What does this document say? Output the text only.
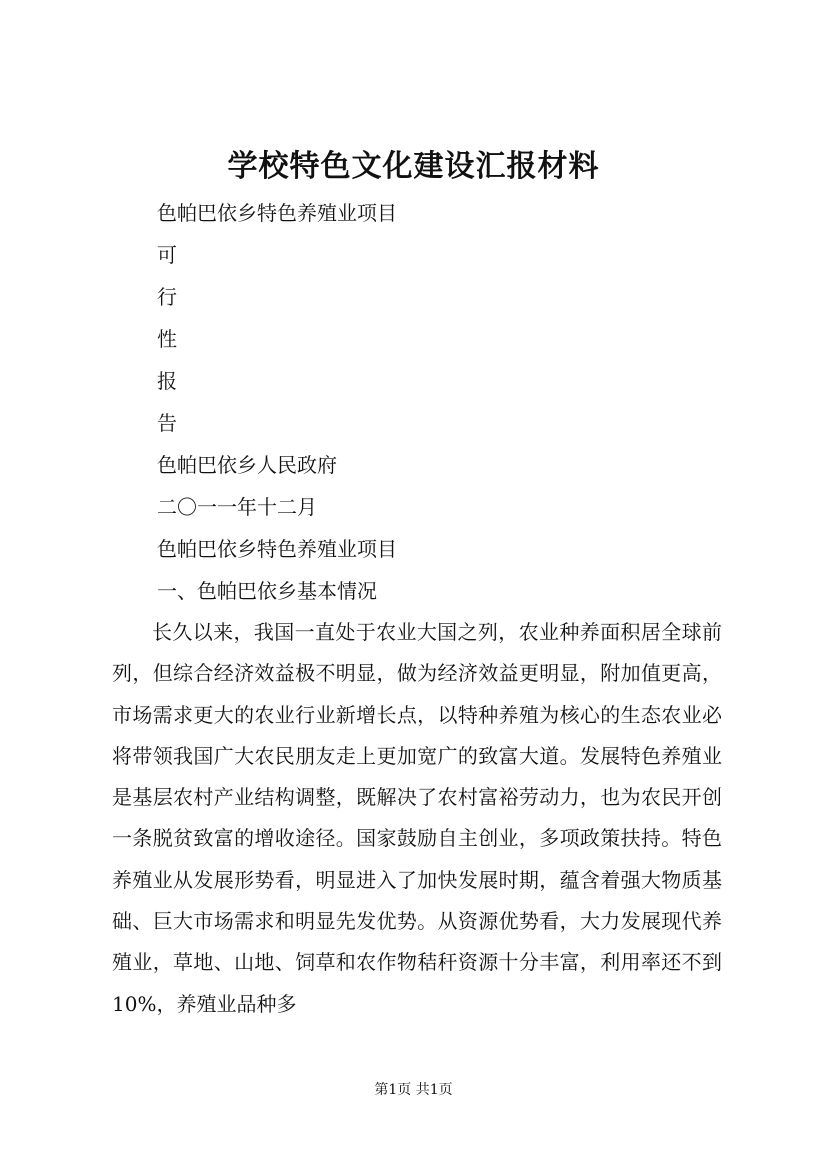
学校特色文化建设汇报材料
色帕巴依乡特色养殖业项目
可
行
性
报
告
色帕巴依乡人民政府
二〇一一年十二月
色帕巴依乡特色养殖业项目
一、色帕巴依乡基本情况

长久以来，我国一直处于农业大国之列，农业种养面积居全球前列，但综合经济效益极不明显，做为经济效益更明显，附加值更高，市场需求更大的农业行业新增长点，以特种养殖为核心的生态农业必将带领我国广大农民朋友走上更加宽广的致富大道。发展特色养殖业是基层农村产业结构调整，既解决了农村富裕劳动力，也为农民开创一条脱贫致富的增收途径。国家鼓励自主创业，多项政策扶持。特色养殖业从发展形势看，明显进入了加快发展时期，蕴含着强大物质基础、巨大市场需求和明显先发优势。从资源优势看，大力发展现代养殖业，草地、山地、饲草和农作物秸秆资源十分丰富，利用率还不到10%，养殖业品种多

第1页 共1页
